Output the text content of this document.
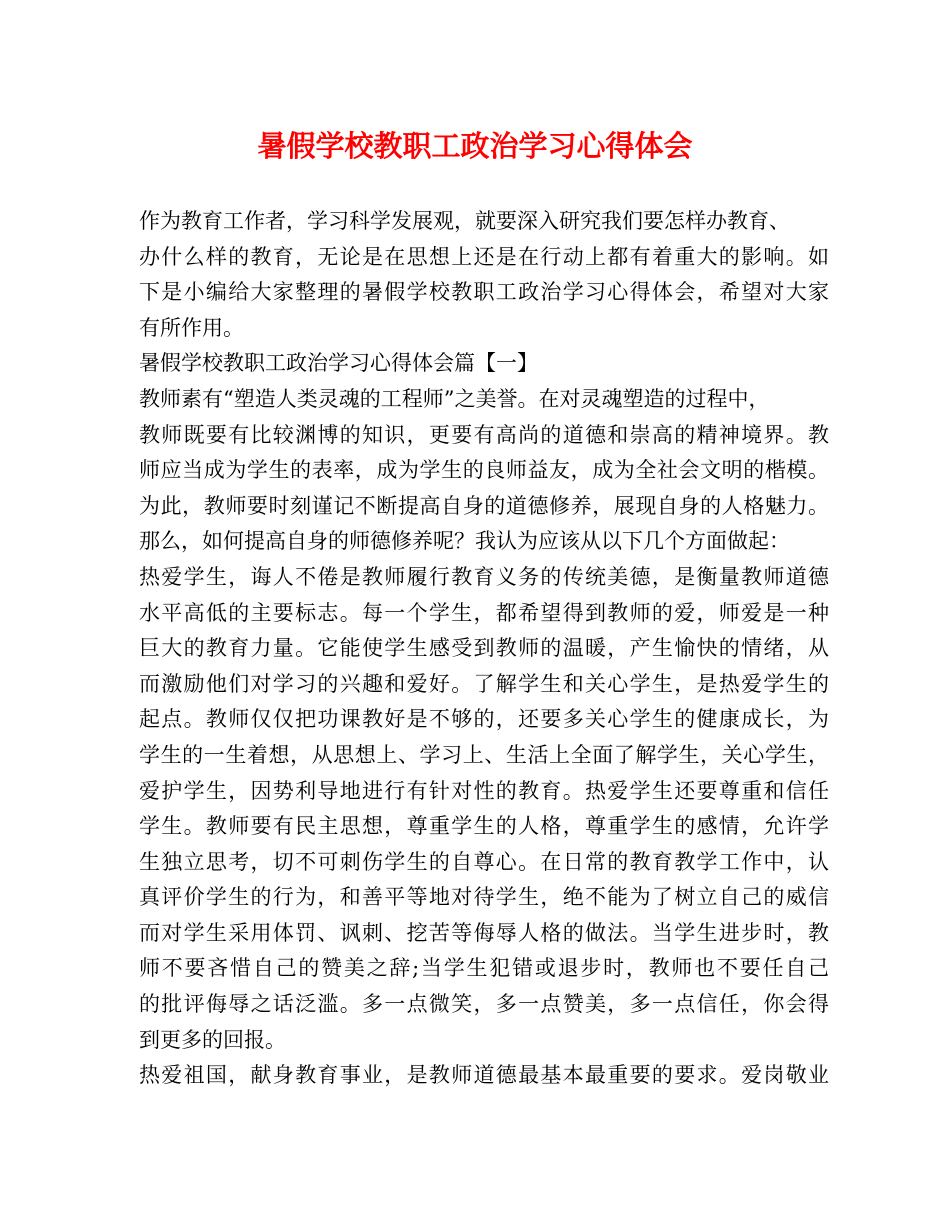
暑假学校教职工政治学习心得体会
作为教育工作者，学习科学发展观，就要深入研究我们要怎样办教育、
办什么样的教育，无论是在思想上还是在行动上都有着重大的影响。如
下是小编给大家整理的暑假学校教职工政治学习心得体会，希望对大家
有所作用。
暑假学校教职工政治学习心得体会篇【一】
教师素有“塑造人类灵魂的工程师”之美誉。在对灵魂塑造的过程中，
教师既要有比较渊博的知识，更要有高尚的道德和崇高的精神境界。教
师应当成为学生的表率，成为学生的良师益友，成为全社会文明的楷模。
为此，教师要时刻谨记不断提高自身的道德修养，展现自身的人格魅力。
那么，如何提高自身的师德修养呢？我认为应该从以下几个方面做起：
热爱学生，诲人不倦是教师履行教育义务的传统美德，是衡量教师道德
水平高低的主要标志。每一个学生，都希望得到教师的爱，师爱是一种
巨大的教育力量。它能使学生感受到教师的温暖，产生愉快的情绪，从
而激励他们对学习的兴趣和爱好。了解学生和关心学生，是热爱学生的
起点。教师仅仅把功课教好是不够的，还要多关心学生的健康成长，为
学生的一生着想，从思想上、学习上、生活上全面了解学生，关心学生，
爱护学生，因势利导地进行有针对性的教育。热爱学生还要尊重和信任
学生。教师要有民主思想，尊重学生的人格，尊重学生的感情，允许学
生独立思考，切不可刺伤学生的自尊心。在日常的教育教学工作中，认
真评价学生的行为，和善平等地对待学生，绝不能为了树立自己的威信
而对学生采用体罚、讽刺、挖苦等侮辱人格的做法。当学生进步时，教
师不要吝惜自己的赞美之辞;当学生犯错或退步时，教师也不要任自己
的批评侮辱之话泛滥。多一点微笑，多一点赞美，多一点信任，你会得
到更多的回报。
热爱祖国，献身教育事业，是教师道德最基本最重要的要求。爱岗敬业
